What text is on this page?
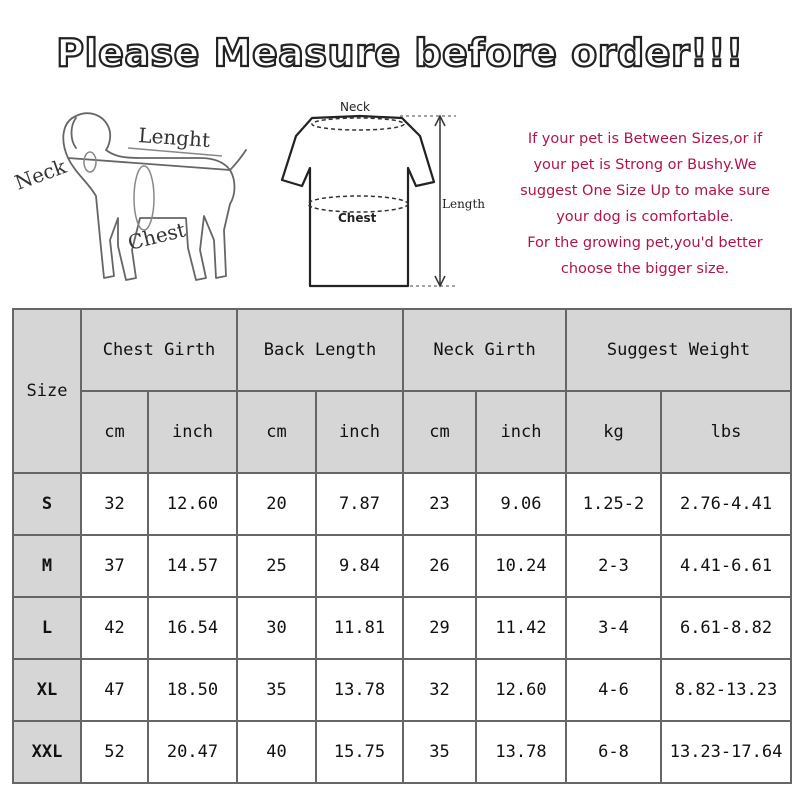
Please Measure before order!!!
Neck
Lenght
Chest
Neck
Chest
Length
If your pet is Between Sizes,or if
your pet is Strong or Bushy.We
suggest One Size Up to make sure
your dog is comfortable.
For the growing pet,you'd better
choose the bigger size.
Size	Chest Girth		Back Length		Neck Girth		Suggest Weight	
	cm	inch	cm	inch	cm	inch	kg	lbs
S	32	12.60	20	7.87	23	9.06	1.25-2	2.76-4.41
M	37	14.57	25	9.84	26	10.24	2-3	4.41-6.61
L	42	16.54	30	11.81	29	11.42	3-4	6.61-8.82
XL	47	18.50	35	13.78	32	12.60	4-6	8.82-13.23
XXL	52	20.47	40	15.75	35	13.78	6-8	13.23-17.64
